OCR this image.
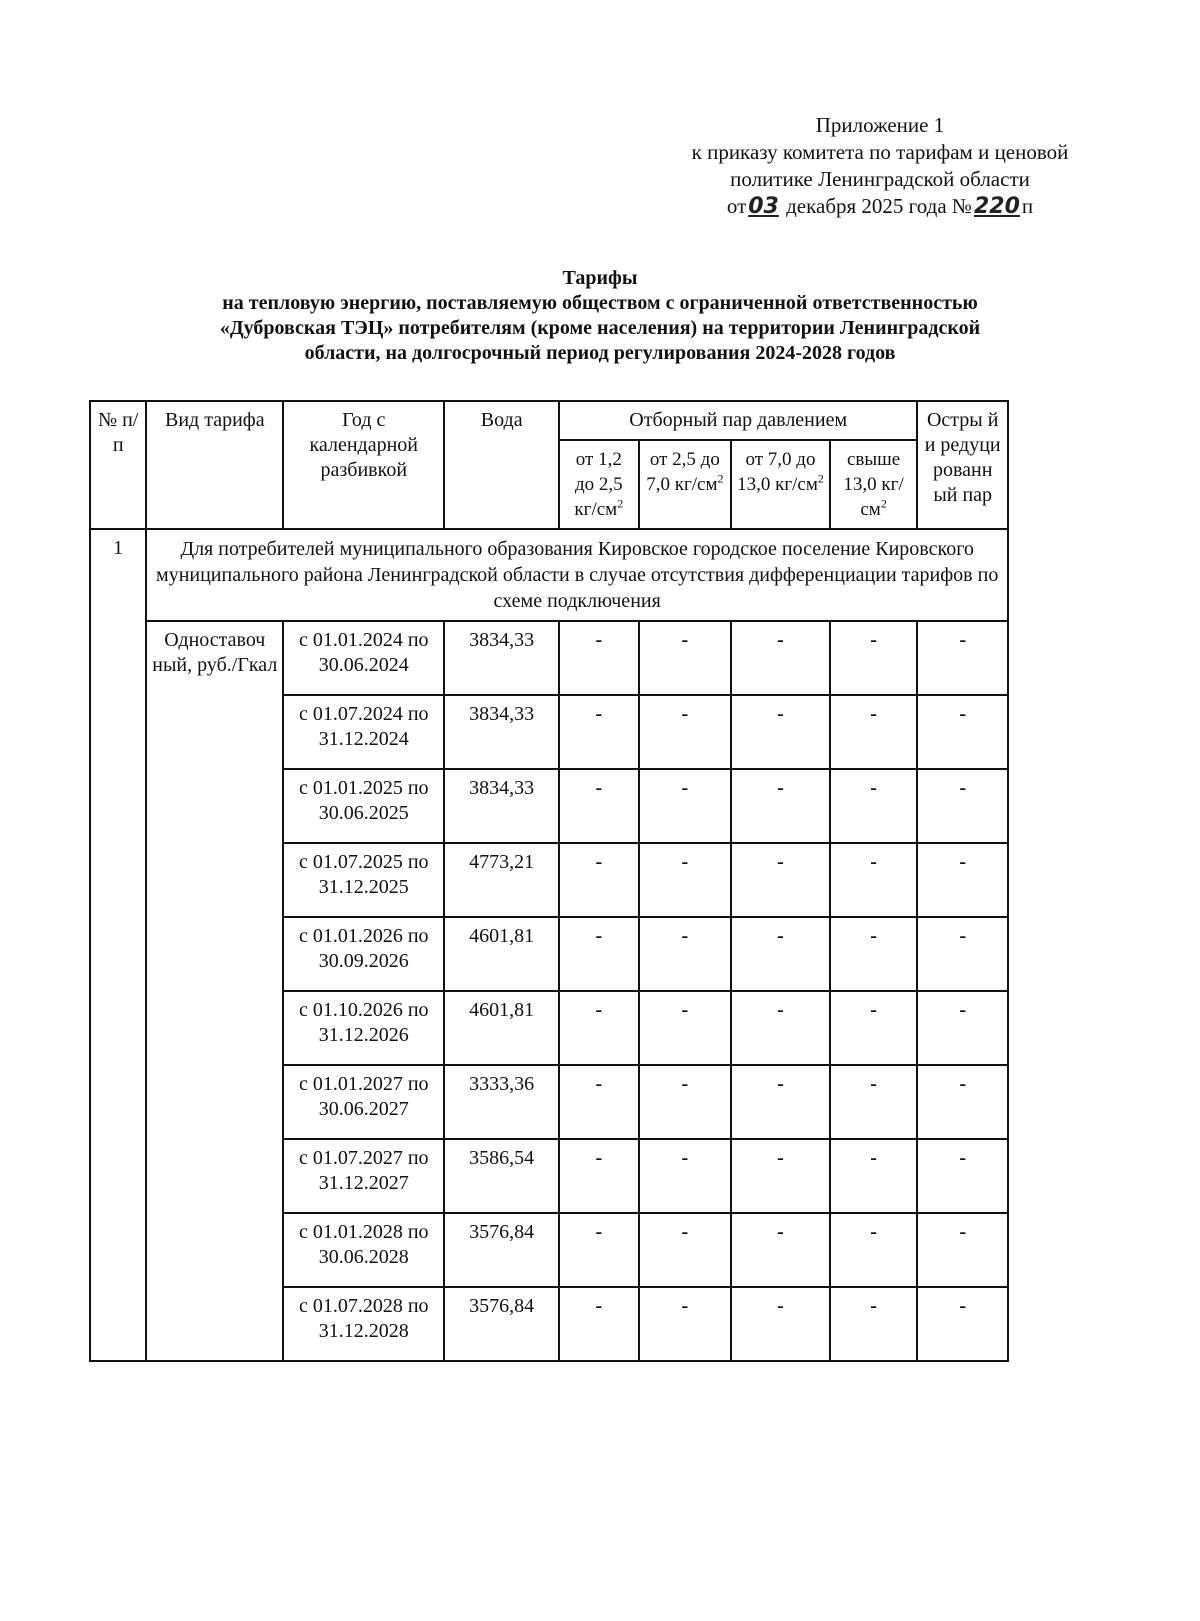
Приложение 1
к приказу комитета по тарифам и ценовой
политике Ленинградской области
от03 декабря 2025 года №220п
Тарифы
на тепловую энергию, поставляемую обществом с ограниченной ответственностью
«Дубровская ТЭЦ» потребителям (кроме населения) на территории Ленинградской
области, на долгосрочный период регулирования 2024-2028 годов
№ п/п	Вид тарифа	Год с календарной разбивкой	Вода	Отборный пар давлением				Остры й и редуци рованн ый пар
				от 1,2 до 2,5 $кг/см^2$	от 2,5 до 7,0 $кг/см^2$	от 7,0 до 13,0 $кг/см^2$	свыше 13,0 $кг/см^2$
1	Для потребителей муниципального образования Кировское городское поселение Кировского муниципального района Ленинградской области в случае отсутствия дифференциации тарифов по схеме подключения							
	Одноставоч ный, руб./Гкал	с 01.01.2024 по 30.06.2024	3834,33	-	-	-	-	-
		с 01.07.2024 по 31.12.2024	3834,33	-	-	-	-	-
		с 01.01.2025 по 30.06.2025	3834,33	-	-	-	-	-
		с 01.07.2025 по 31.12.2025	4773,21	-	-	-	-	-
		с 01.01.2026 по 30.09.2026	4601,81	-	-	-	-	-
		с 01.10.2026 по 31.12.2026	4601,81	-	-	-	-	-
		с 01.01.2027 по 30.06.2027	3333,36	-	-	-	-	-
		с 01.07.2027 по 31.12.2027	3586,54	-	-	-	-	-
		с 01.01.2028 по 30.06.2028	3576,84	-	-	-	-	-
		с 01.07.2028 по 31.12.2028	3576,84	-	-	-	-	-
